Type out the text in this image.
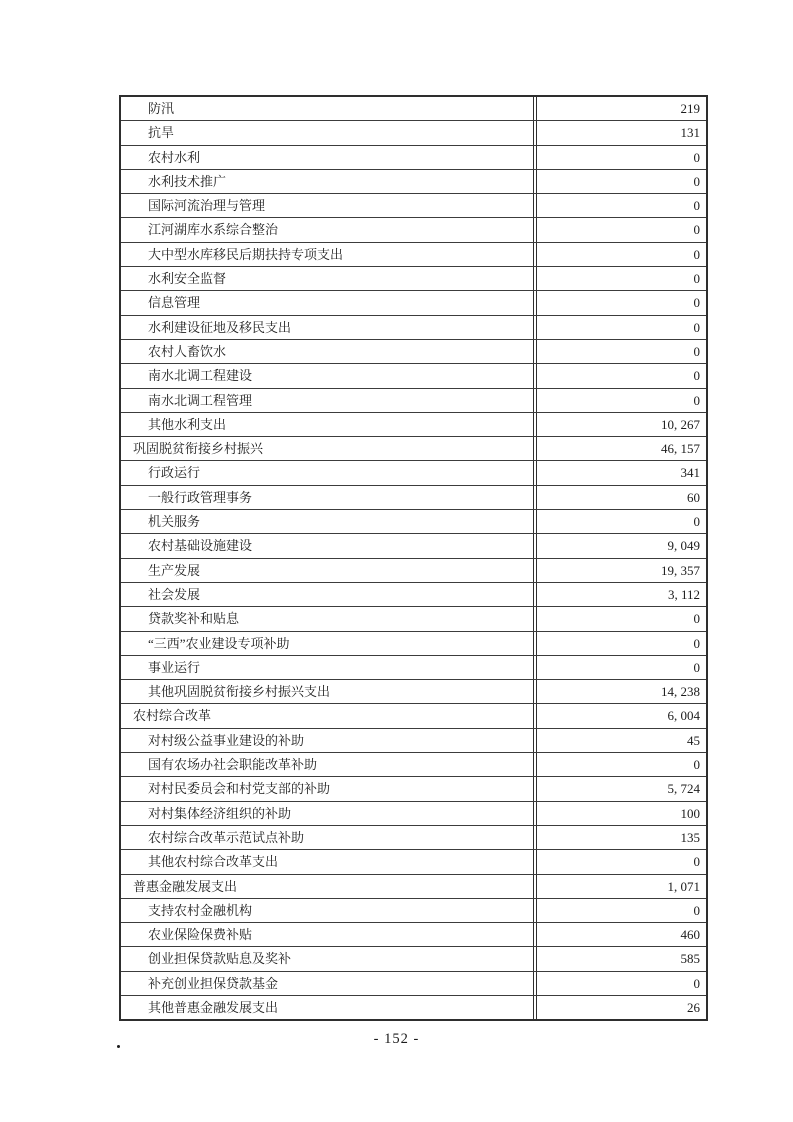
防汛	219
抗旱	131
农村水利	0
水利技术推广	0
国际河流治理与管理	0
江河湖库水系综合整治	0
大中型水库移民后期扶持专项支出	0
水利安全监督	0
信息管理	0
水利建设征地及移民支出	0
农村人畜饮水	0
南水北调工程建设	0
南水北调工程管理	0
其他水利支出	10, 267
巩固脱贫衔接乡村振兴	46, 157
行政运行	341
一般行政管理事务	60
机关服务	0
农村基础设施建设	9, 049
生产发展	19, 357
社会发展	3, 112
贷款奖补和贴息	0
“三西”农业建设专项补助	0
事业运行	0
其他巩固脱贫衔接乡村振兴支出	14, 238
农村综合改革	6, 004
对村级公益事业建设的补助	45
国有农场办社会职能改革补助	0
对村民委员会和村党支部的补助	5, 724
对村集体经济组织的补助	100
农村综合改革示范试点补助	135
其他农村综合改革支出	0
普惠金融发展支出	1, 071
支持农村金融机构	0
农业保险保费补贴	460
创业担保贷款贴息及奖补	585
补充创业担保贷款基金	0
其他普惠金融发展支出	26
- 152 -
